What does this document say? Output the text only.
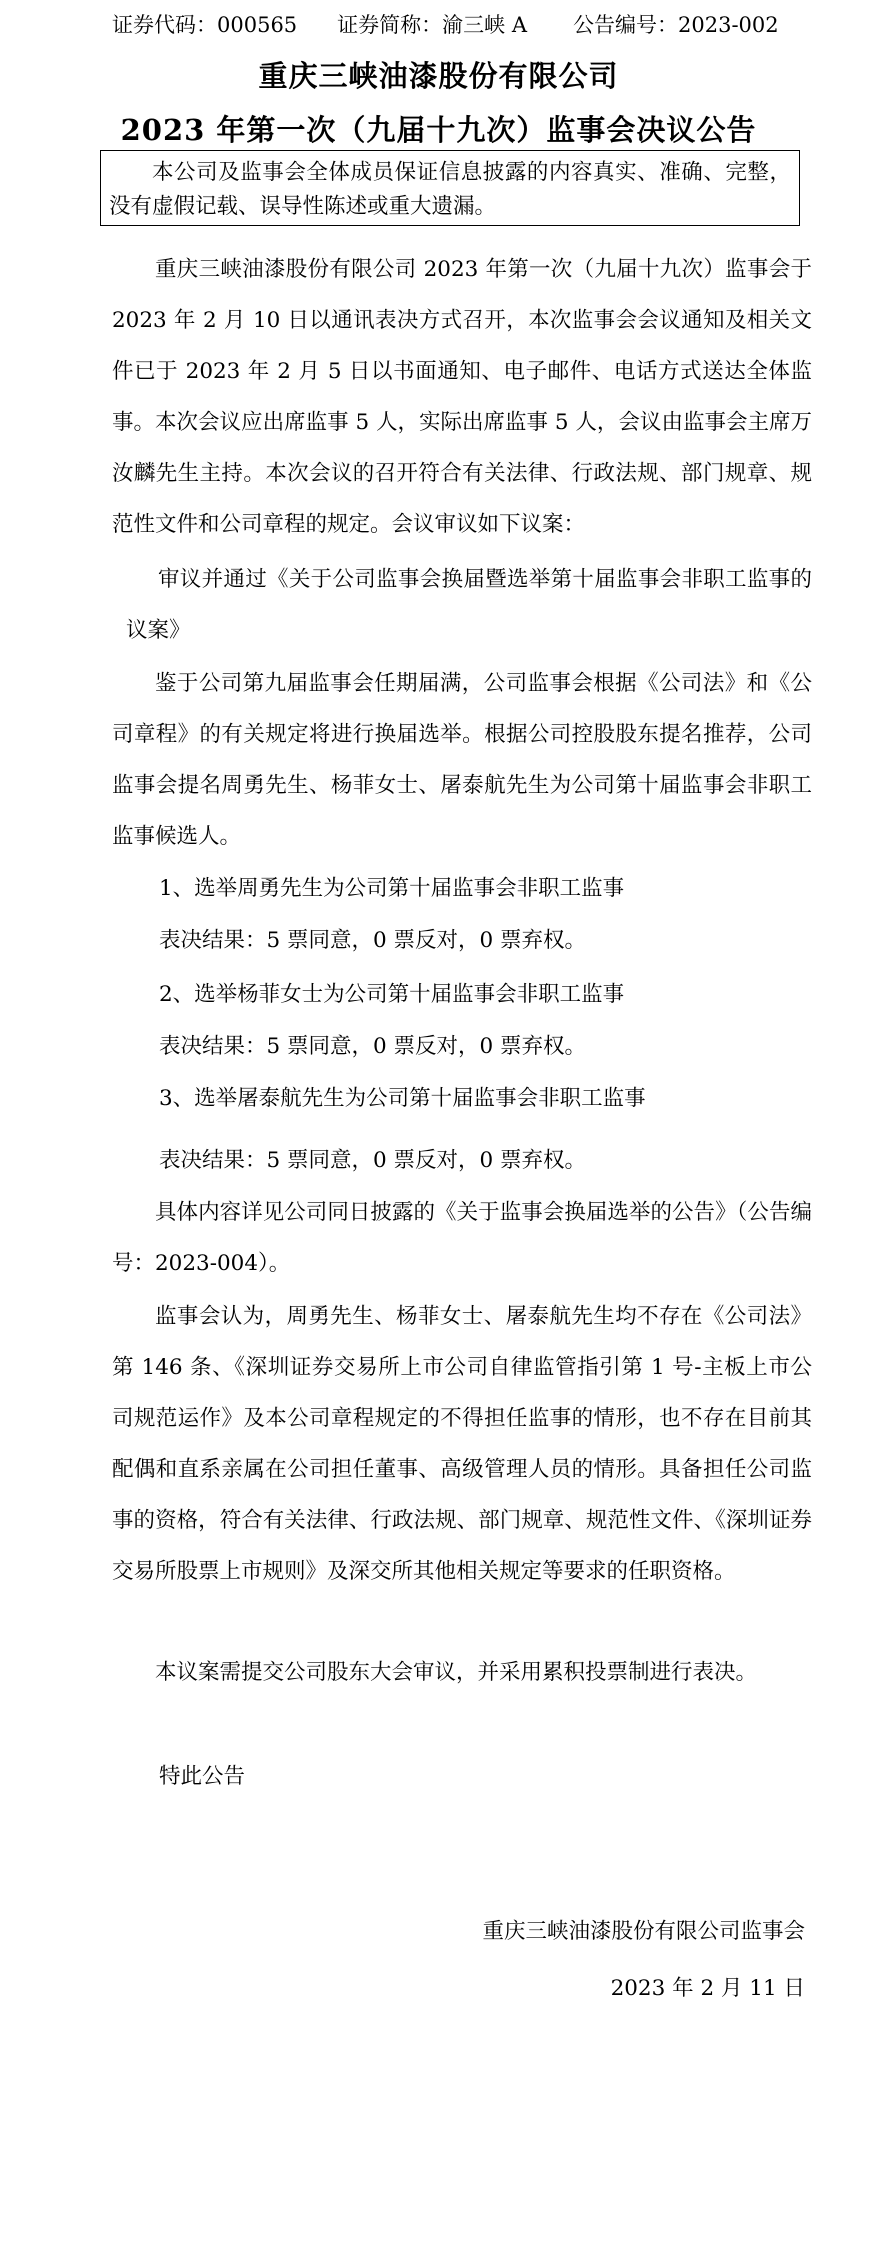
证券代码：000565 证券简称：渝三峡 A 公告编号：2023-002
重庆三峡油漆股份有限公司
2023 年第一次（九届十九次）监事会决议公告
本公司及监事会全体成员保证信息披露的内容真实、准确、完整，没有虚假记载、误导性陈述或重大遗漏。
重庆三峡油漆股份有限公司 2023 年第一次（九届十九次）监事会于 2023 年 2 月 10 日以通讯表决方式召开，本次监事会会议通知及相关文件已于 2023 年 2 月 5 日以书面通知、电子邮件、电话方式送达全体监事。本次会议应出席监事 5 人，实际出席监事 5 人，会议由监事会主席万汝麟先生主持。本次会议的召开符合有关法律、行政法规、部门规章、规范性文件和公司章程的规定。会议审议如下议案：
审议并通过《关于公司监事会换届暨选举第十届监事会非职工监事的议案》
鉴于公司第九届监事会任期届满，公司监事会根据《公司法》和《公司章程》的有关规定将进行换届选举。根据公司控股股东提名推荐，公司监事会提名周勇先生、杨菲女士、屠泰航先生为公司第十届监事会非职工监事候选人。
1、选举周勇先生为公司第十届监事会非职工监事
表决结果：5 票同意，0 票反对，0 票弃权。
2、选举杨菲女士为公司第十届监事会非职工监事
表决结果：5 票同意，0 票反对，0 票弃权。
3、选举屠泰航先生为公司第十届监事会非职工监事
表决结果：5 票同意，0 票反对，0 票弃权。
具体内容详见公司同日披露的《关于监事会换届选举的公告》（公告编号：2023-004）。
监事会认为，周勇先生、杨菲女士、屠泰航先生均不存在《公司法》第 146 条、《深圳证券交易所上市公司自律监管指引第 1 号-主板上市公司规范运作》及本公司章程规定的不得担任监事的情形，也不存在目前其配偶和直系亲属在公司担任董事、高级管理人员的情形。具备担任公司监事的资格，符合有关法律、行政法规、部门规章、规范性文件、《深圳证券交易所股票上市规则》及深交所其他相关规定等要求的任职资格。
本议案需提交公司股东大会审议，并采用累积投票制进行表决。
特此公告
重庆三峡油漆股份有限公司监事会
2023 年 2 月 11 日
